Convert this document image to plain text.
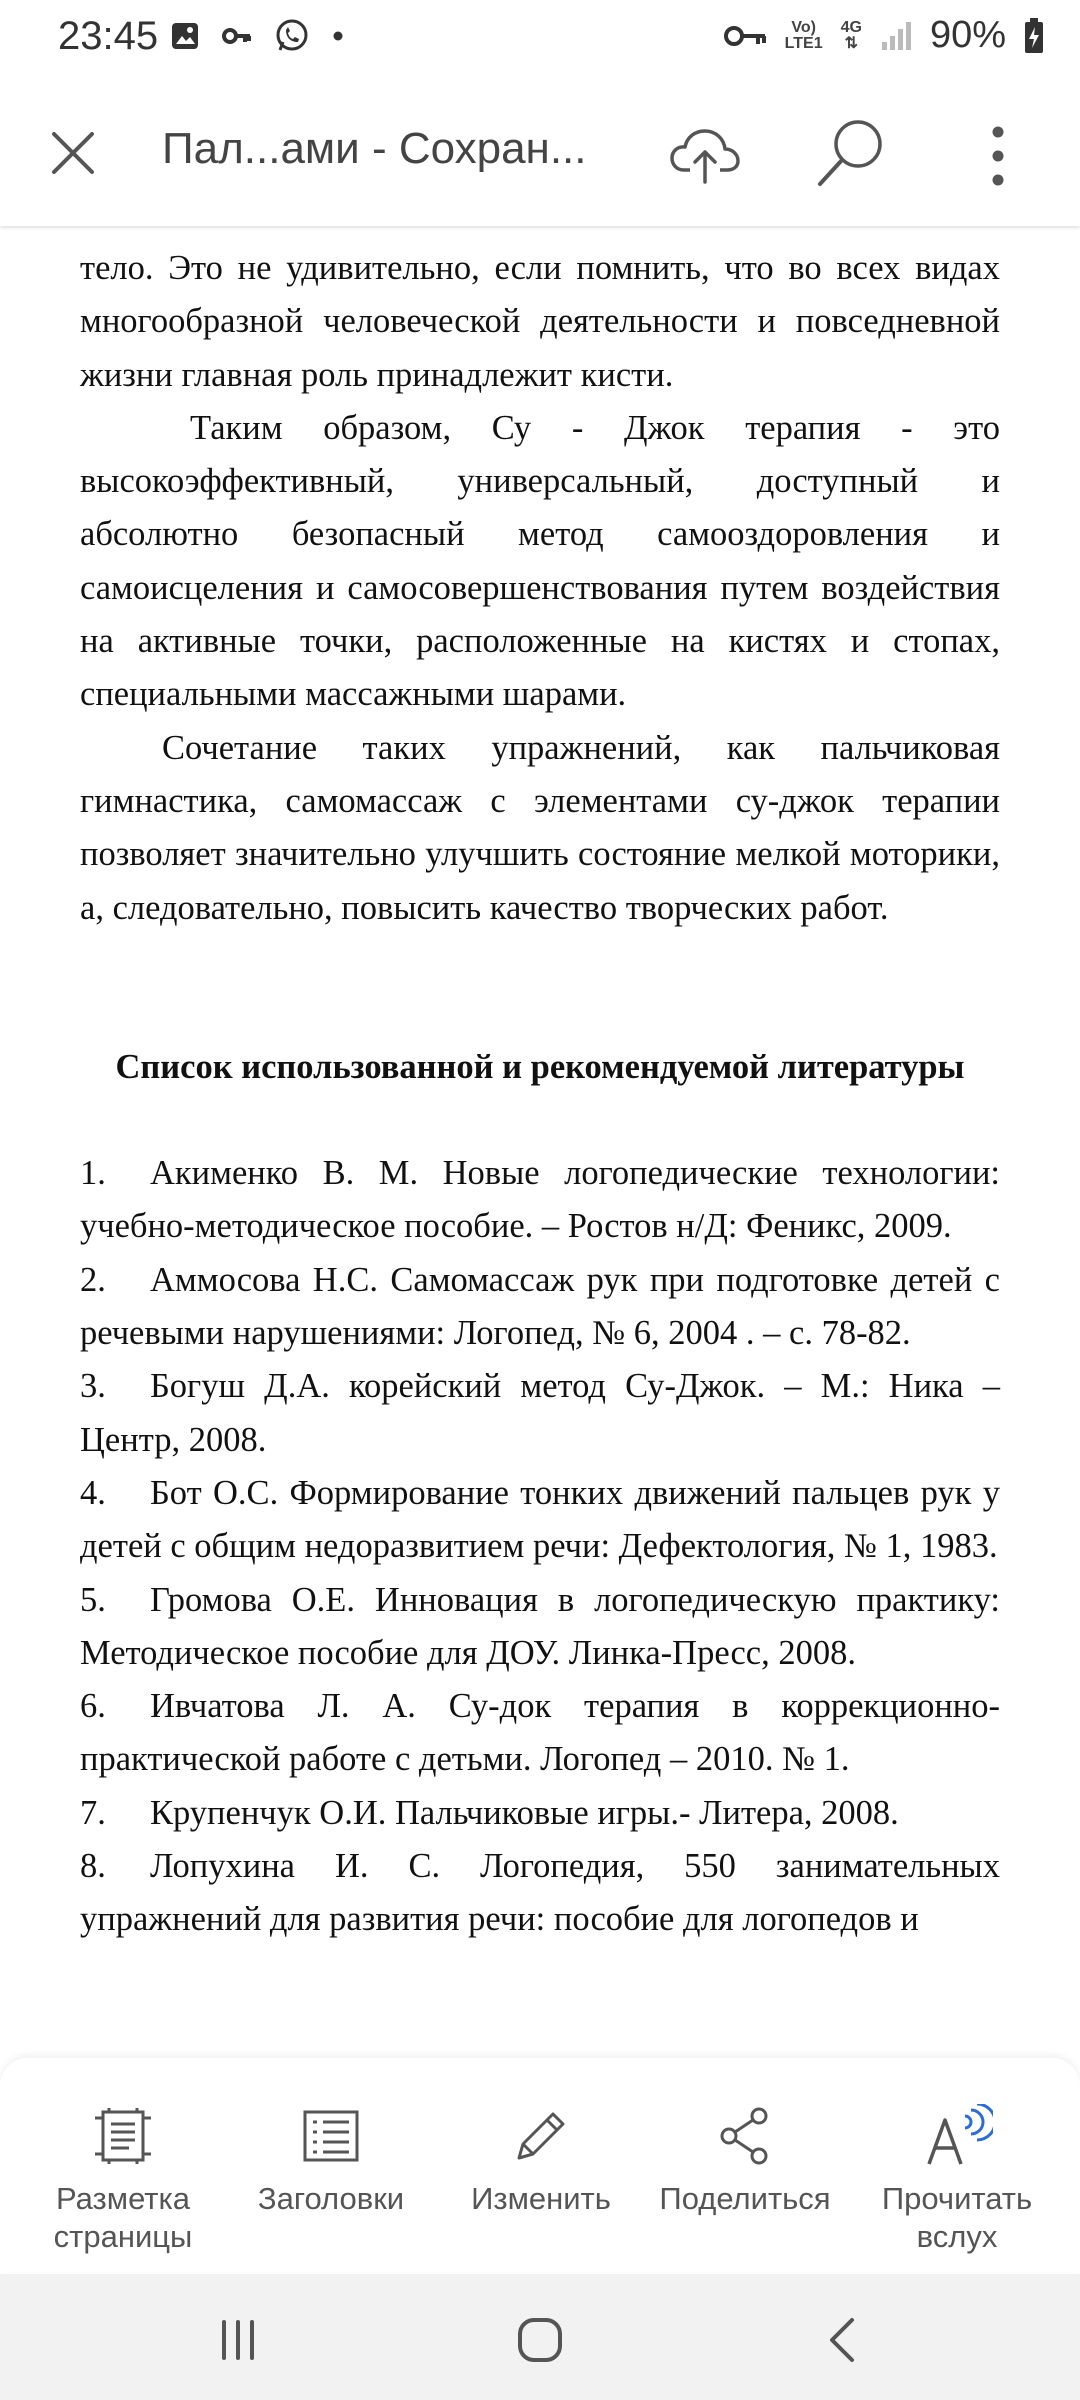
23:45	Vo)
LTE1
4G
⇅ 90%
Пал...ами - Сохран...

тело. Это не удивительно, если помнить, что во всех видах многообразной человеческой деятельности и повседневной жизни главная роль принадлежит кисти.

Таким образом, Су - Джок терапия - это высокоэффективный, универсальный, доступный и абсолютно безопасный метод самооздоровления и самоисцеления и самосовершенствования путем воздействия на активные точки, расположенные на кистях и стопах, специальными массажными шарами.

Сочетание таких упражнений, как пальчиковая гимнастика, самомассаж с элементами су-джок терапии позволяет значительно улучшить состояние мелкой моторики, а, следовательно, повысить качество творческих работ.

Список использованной и рекомендуемой литературы

1. Акименко В. М. Новые логопедические технологии: учебно-методическое пособие. – Ростов н/Д: Феникс, 2009.

2. Аммосова Н.С. Самомассаж рук при подготовке детей с речевыми нарушениями: Логопед, № 6, 2004 . – с. 78-82.

3. Богуш Д.А. корейский метод Су-Джок. – М.: Ника – Центр, 2008.

4. Бот О.С. Формирование тонких движений пальцев рук у детей с общим недоразвитием речи: Дефектология, № 1, 1983.

5. Громова О.Е. Инновация в логопедическую практику: Методическое пособие для ДОУ. Линка-Пресс, 2008.

6. Ивчатова Л. А. Су-док терапия в коррекционно-практической работе с детьми. Логопед – 2010. № 1.

7. Крупенчук О.И. Пальчиковые игры.- Литера, 2008.

8. Лопухина И. С. Логопедия, 550 занимательных упражнений для развития речи: пособие для логопедов и

Разметка страницы
Заголовки	Изменить	Поделиться	Прочитать вслух
